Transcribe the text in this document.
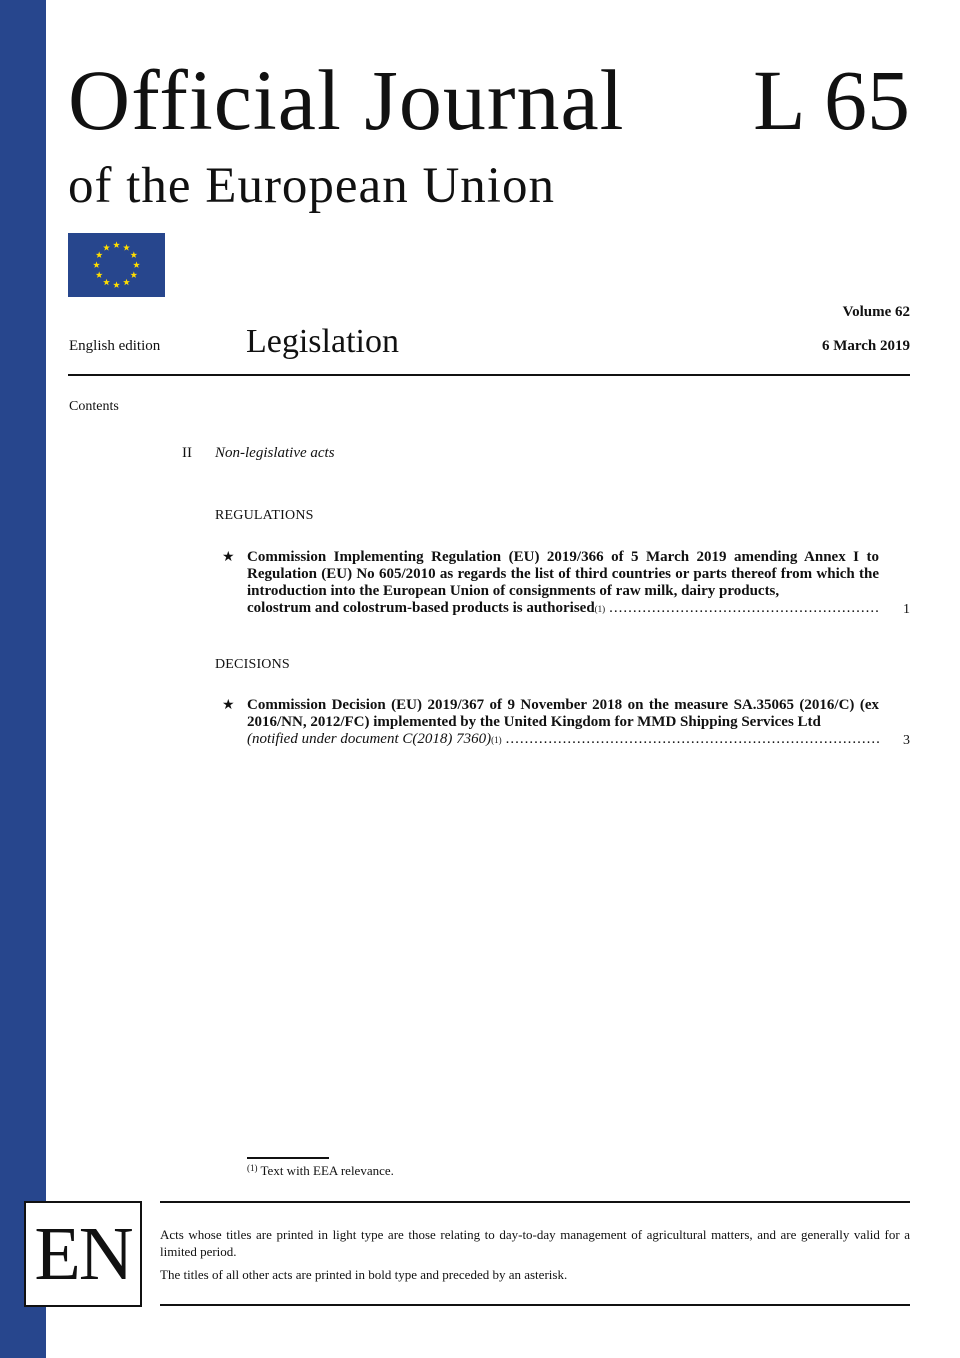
Official Journal L 65
of the European Union
English edition	Legislation
Volume 62
6 March 2019
Contents
II Non-legislative acts
REGULATIONS
★ Commission Implementing Regulation (EU) 2019/366 of 5 March 2019 amending Annex I to Regulation (EU) No 605/2010 as regards the list of third countries or parts thereof from which the introduction into the European Union of consignments of raw milk, dairy products,
colostrum and colostrum-based products is authorised (1) .....	1
DECISIONS
★ Commission Decision (EU) 2019/367 of 9 November 2018 on the measure SA.35065 (2016/C) (ex 2016/NN, 2012/FC) implemented by the United Kingdom for MMD Shipping Services Ltd
(notified under document C(2018) 7360) (1) .....	3
$^{(1)}$ Text with EEA relevance.
EN Acts whose titles are printed in light type are those relating to day-to-day management of agricultural matters, and are generally valid for a limited period.
The titles of all other acts are printed in bold type and preceded by an asterisk.
